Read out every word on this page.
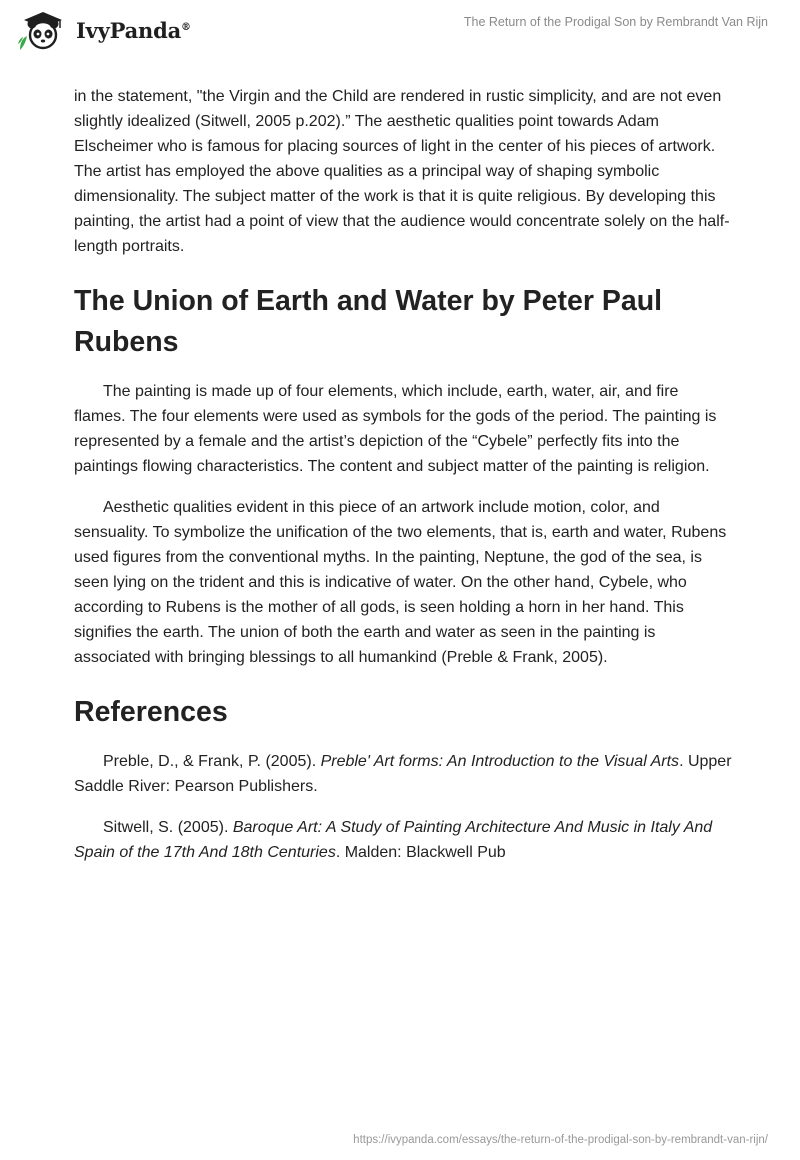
IvyPanda®	The Return of the Prodigal Son by Rembrandt Van Rijn

in the statement, "the Virgin and the Child are rendered in rustic simplicity, and are not even slightly idealized (Sitwell, 2005 p.202).” The aesthetic qualities point towards Adam Elscheimer who is famous for placing sources of light in the center of his pieces of artwork. The artist has employed the above qualities as a principal way of shaping symbolic dimensionality. The subject matter of the work is that it is quite religious. By developing this painting, the artist had a point of view that the audience would concentrate solely on the half-length portraits.

The Union of Earth and Water by Peter Paul Rubens

The painting is made up of four elements, which include, earth, water, air, and fire flames. The four elements were used as symbols for the gods of the period. The painting is represented by a female and the artist’s depiction of the “Cybele” perfectly fits into the paintings flowing characteristics. The content and subject matter of the painting is religion.

Aesthetic qualities evident in this piece of an artwork include motion, color, and sensuality. To symbolize the unification of the two elements, that is, earth and water, Rubens used figures from the conventional myths. In the painting, Neptune, the god of the sea, is seen lying on the trident and this is indicative of water. On the other hand, Cybele, who according to Rubens is the mother of all gods, is seen holding a horn in her hand. This signifies the earth. The union of both the earth and water as seen in the painting is associated with bringing blessings to all humankind (Preble & Frank, 2005).

References

Preble, D., & Frank, P. (2005). Preble' Art forms: An Introduction to the Visual Arts. Upper Saddle River: Pearson Publishers.

Sitwell, S. (2005). Baroque Art: A Study of Painting Architecture And Music in Italy And Spain of the 17th And 18th Centuries. Malden: Blackwell Pub

https://ivypanda.com/essays/the-return-of-the-prodigal-son-by-rembrandt-van-rijn/
